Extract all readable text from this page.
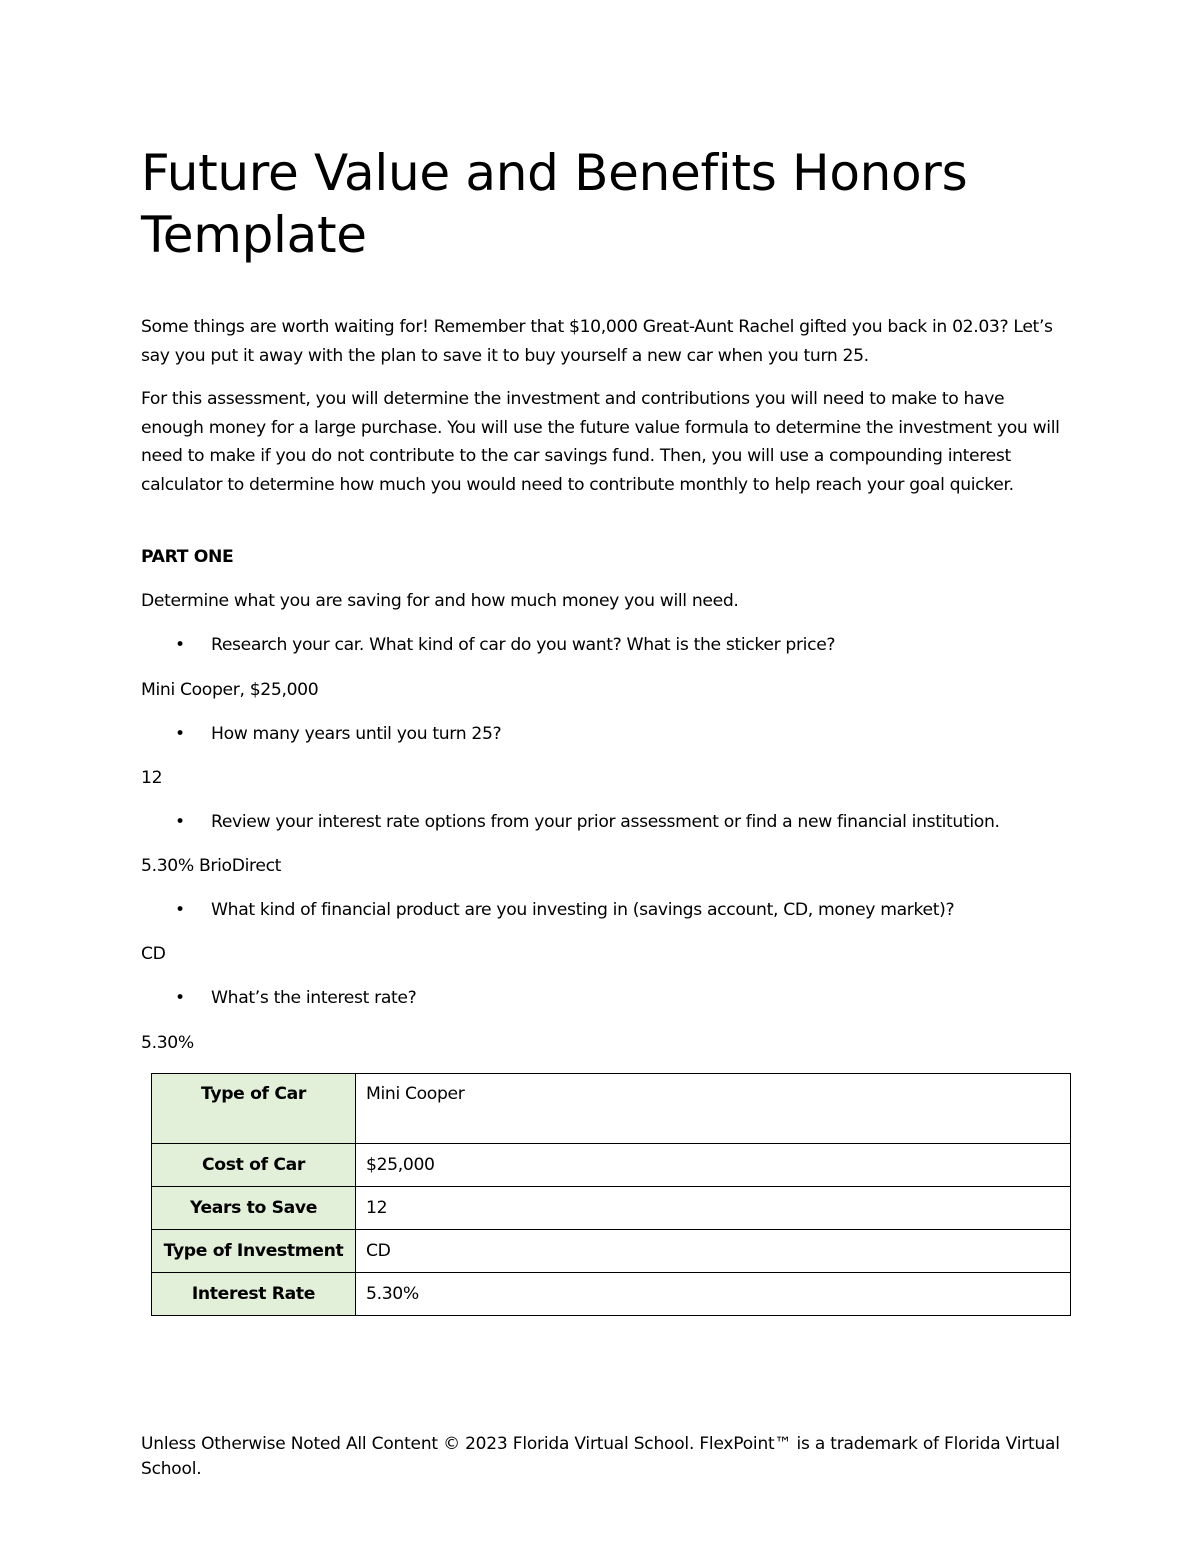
Future Value and Benefits Honors Template

Some things are worth waiting for! Remember that $10,000 Great-Aunt Rachel gifted you back in 02.03? Let’s say you put it away with the plan to save it to buy yourself a new car when you turn 25.

For this assessment, you will determine the investment and contributions you will need to make to have enough money for a large purchase. You will use the future value formula to determine the investment you will need to make if you do not contribute to the car savings fund. Then, you will use a compounding interest calculator to determine how much you would need to contribute monthly to help reach your goal quicker.

PART ONE

Determine what you are saving for and how much money you will need.

•	Research your car. What kind of car do you want? What is the sticker price?

Mini Cooper, $25,000

•	How many years until you turn 25?

12

•	Review your interest rate options from your prior assessment or find a new financial institution.

5.30% BrioDirect

•	What kind of financial product are you investing in (savings account, CD, money market)?

CD

•	What’s the interest rate?

5.30%

Type of Car	Mini Cooper
Cost of Car	$25,000
Years to Save	12
Type of Investment	CD
Interest Rate	5.30%

Unless Otherwise Noted All Content © 2023 Florida Virtual School. FlexPoint™ is a trademark of Florida Virtual School.
